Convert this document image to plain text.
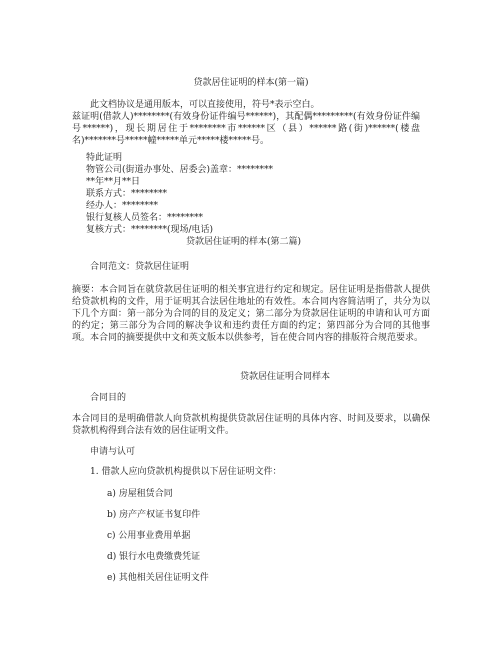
贷款居住证明的样本(第一篇)
此文档协议是通用版本，可以直接使用，符号*表示空白。
兹证明(借款人)********(有效身份证件编号******)，其配偶*********(有效身份证件编号******)，现长期居住于********市******区（县）******路(街)******(楼盘名)*******号*****幢*****单元*****楼*****号。
特此证明
物管公司(街道办事处、居委会)盖章：********
**年**月**日
联系方式：********
经办人：********
银行复核人员签名：********
复核方式：********(现场/电话)
贷款居住证明的样本(第二篇)
合同范文：贷款居住证明
摘要：本合同旨在就贷款居住证明的相关事宜进行约定和规定。居住证明是指借款人提供给贷款机构的文件，用于证明其合法居住地址的有效性。本合同内容简洁明了，共分为以下几个方面：第一部分为合同的目的及定义；第二部分为贷款居住证明的申请和认可方面的约定；第三部分为合同的解决争议和违约责任方面的约定；第四部分为合同的其他事项。本合同的摘要提供中文和英文版本以供参考，旨在使合同内容的排版符合规范要求。
贷款居住证明合同样本
合同目的
本合同目的是明确借款人向贷款机构提供贷款居住证明的具体内容、时间及要求，以确保贷款机构得到合法有效的居住证明文件。
申请与认可
1. 借款人应向贷款机构提供以下居住证明文件：
a) 房屋租赁合同
b) 房产产权证书复印件
c) 公用事业费用单据
d) 银行水电费缴费凭证
e) 其他相关居住证明文件
